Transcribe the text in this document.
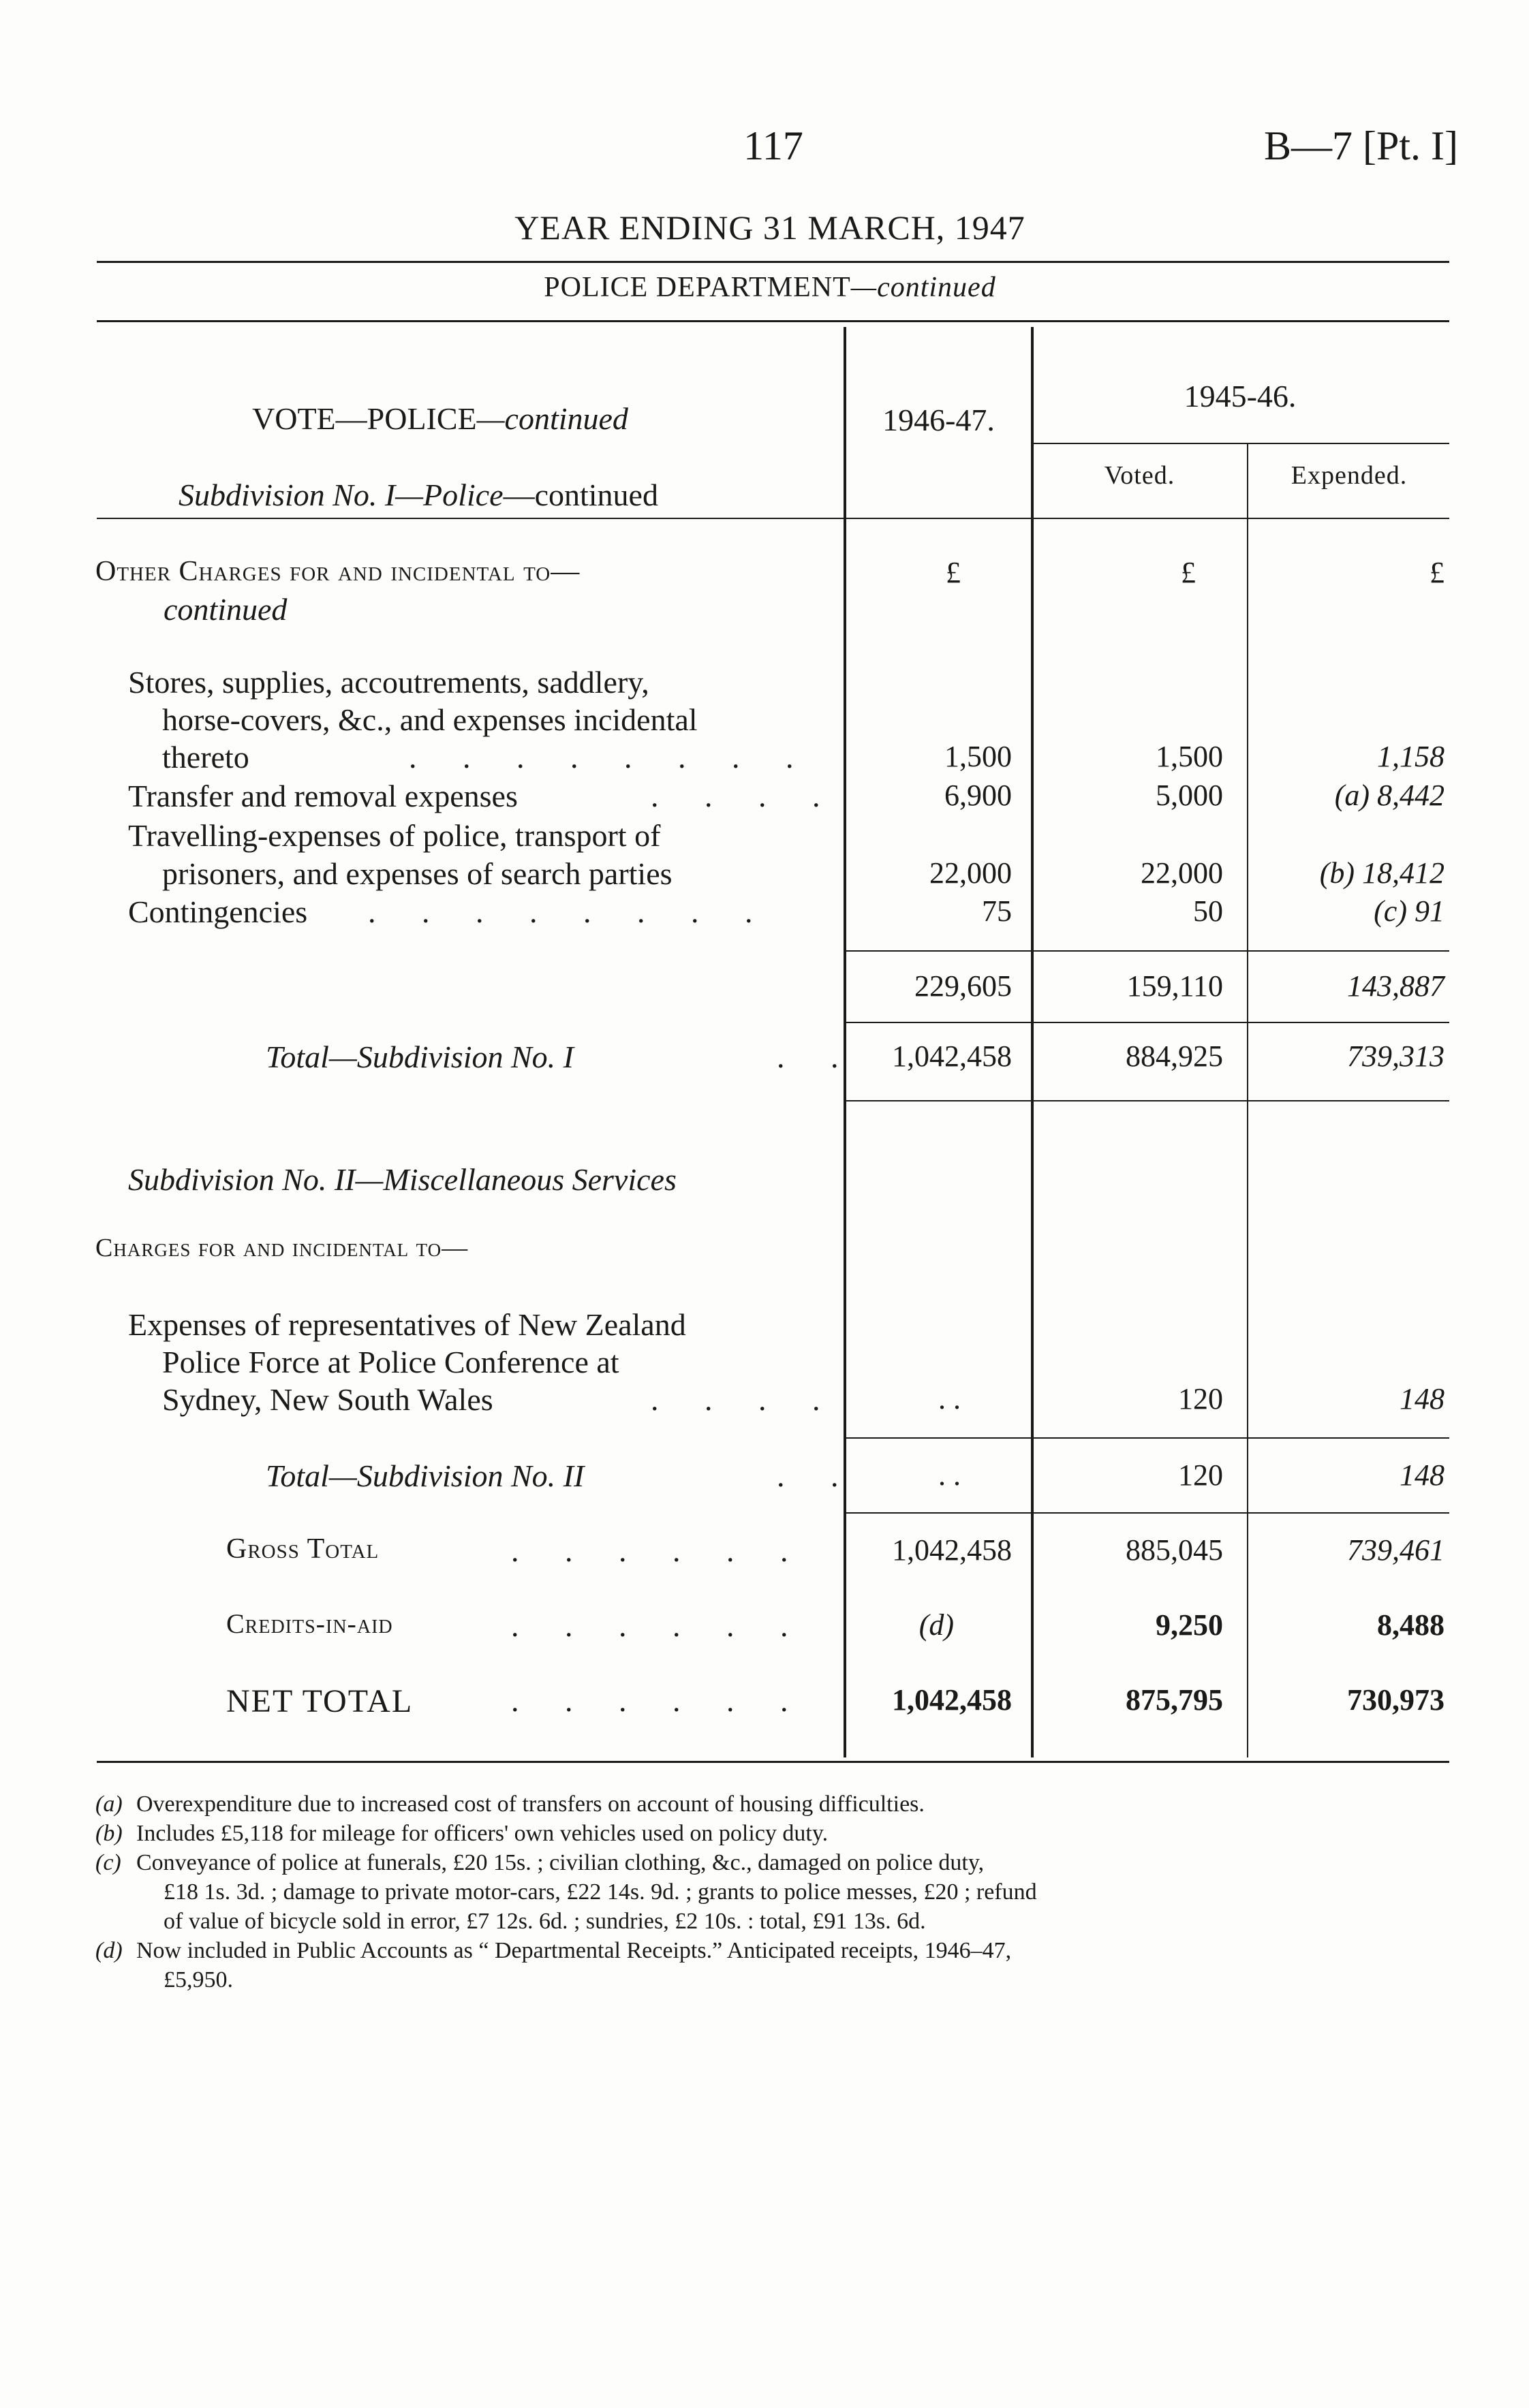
117	B—7 [Pt. I]
YEAR ENDING 31 MARCH, 1947
POLICE DEPARTMENT—continued
VOTE—POLICE—continued
Subdivision No. I—Police—continued
1946-47.
1945-46.
Voted.	Expended.
Other Charges for and incidental to—
continued
£	£	£
Stores, supplies, accoutrements, saddlery,
horse-covers, &c., and expenses incidental
thereto	. . . . . . . .	1,500	1,500	1,158
Transfer and removal expenses	. . . .	6,900	5,000	(a) 8,442
Travelling-expenses of police, transport of
prisoners, and expenses of search parties	22,000	22,000	(b) 18,412
Contingencies . . . . . . . .	75	50	(c) 91
229,605	159,110	143,887
Total—Subdivision No. I	. .	1,042,458	884,925	739,313
Subdivision No. II—Miscellaneous Services
Charges for and incidental to—
Expenses of representatives of New Zealand
Police Force at Police Conference at
Sydney, New South Wales	. . . .	. .	120	148
Total—Subdivision No. II	. .	. .	120	148
Gross Total	. . . . . .	1,042,458	885,045	739,461
Credits-in-aid	. . . . . .	(d)	9,250	8,488
NET TOTAL	. . . . . .	1,042,458	875,795	730,973
(a) Overexpenditure due to increased cost of transfers on account of housing difficulties.
(b) Includes £5,118 for mileage for officers' own vehicles used on policy duty.
(c) Conveyance of police at funerals, £20 15s. ; civilian clothing, &c., damaged on police duty,
£18 1s. 3d. ; damage to private motor-cars, £22 14s. 9d. ; grants to police messes, £20 ; refund
of value of bicycle sold in error, £7 12s. 6d. ; sundries, £2 10s. : total, £91 13s. 6d.
(d) Now included in Public Accounts as “ Departmental Receipts.” Anticipated receipts, 1946–47,
£5,950.
